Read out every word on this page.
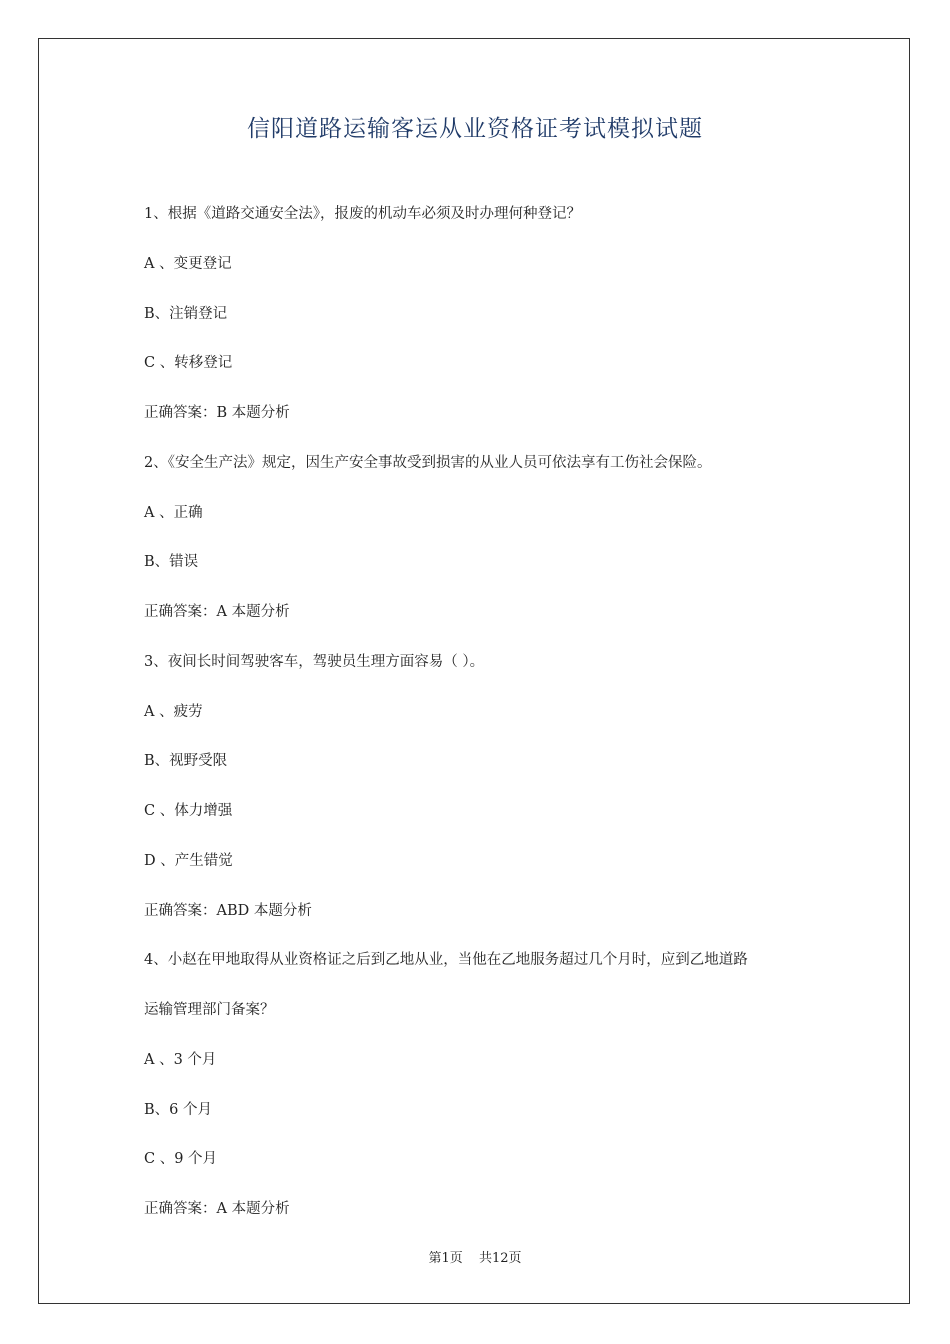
信阳道路运输客运从业资格证考试模拟试题
1、根据《道路交通安全法》，报废的机动车必须及时办理何种登记？
A 、变更登记
B、注销登记
C 、转移登记
正确答案：B 本题分析
2、《安全生产法》规定，因生产安全事故受到损害的从业人员可依法享有工伤社会保险。
A 、正确
B、错误
正确答案：A 本题分析
3、夜间长时间驾驶客车，驾驶员生理方面容易（ ）。
A 、疲劳
B、视野受限
C 、体力增强
D 、产生错觉
正确答案：ABD 本题分析
4、小赵在甲地取得从业资格证之后到乙地从业，当他在乙地服务超过几个月时，应到乙地道路
运输管理部门备案？
A 、3 个月
B、6 个月
C 、9 个月
正确答案：A 本题分析
第1页 共12页
